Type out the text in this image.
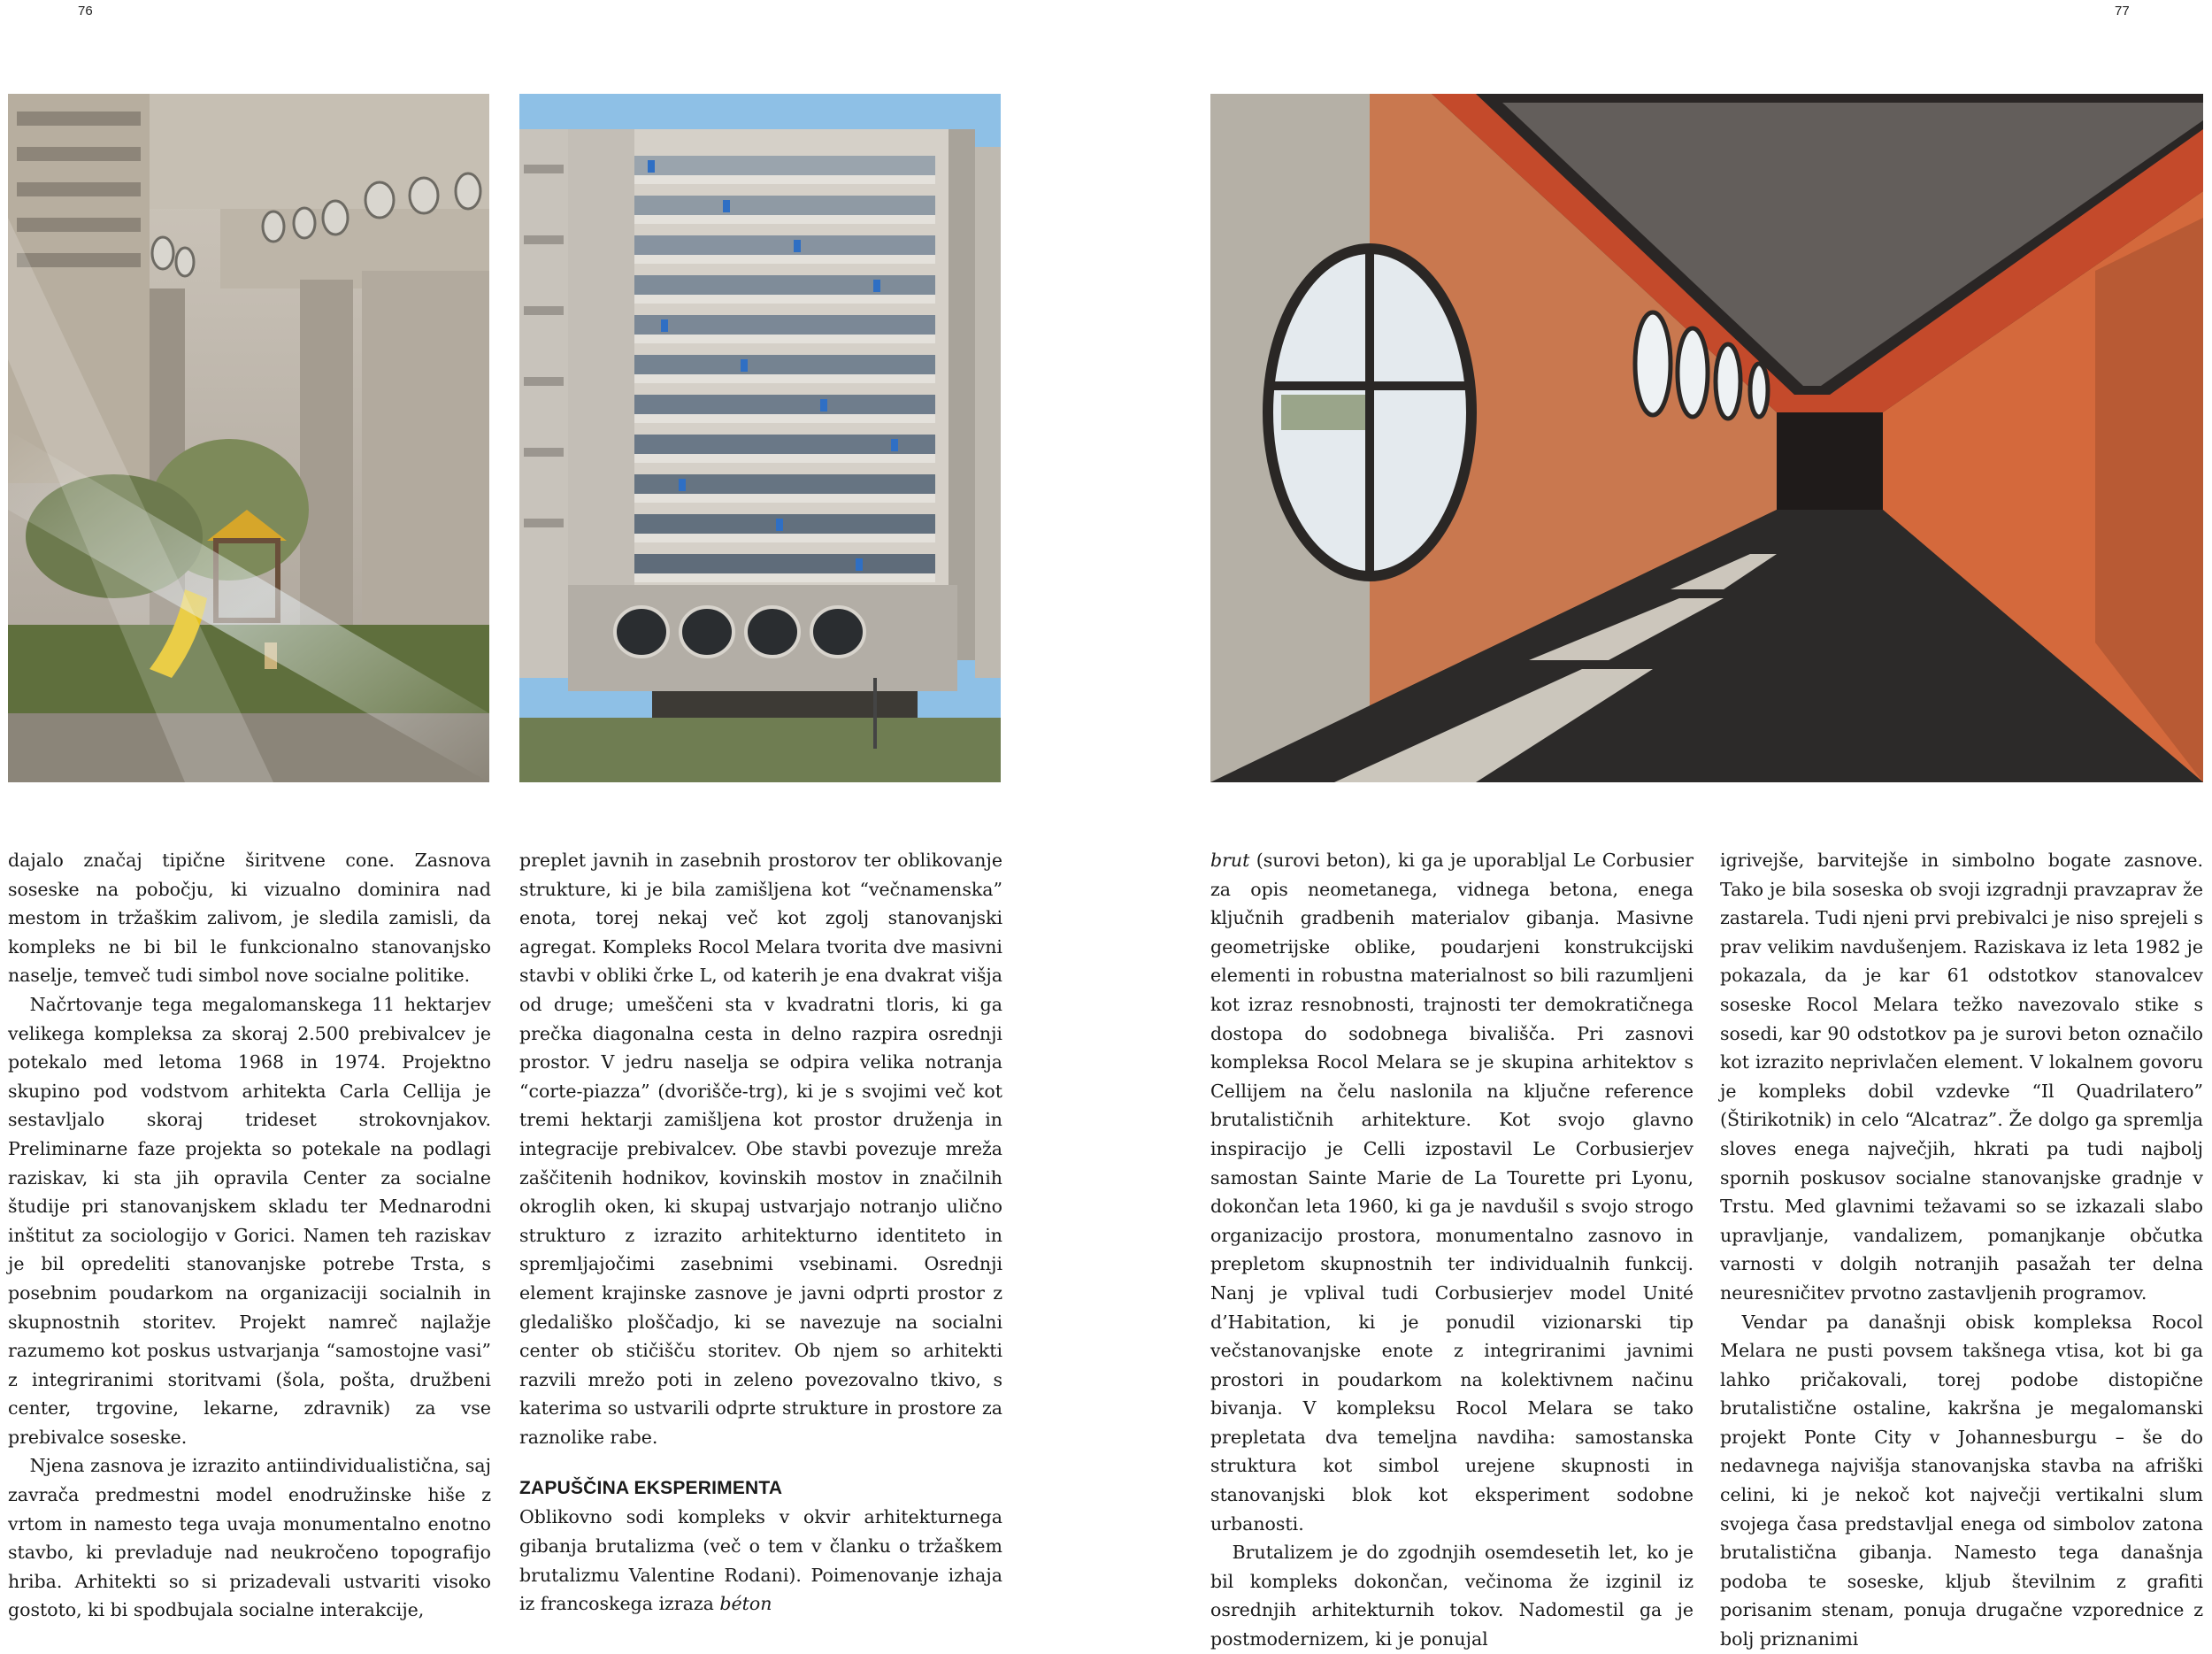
76	77

dajalo značaj tipične širitvene cone. Zasnova soseske na pobočju, ki vizualno dominira nad mestom in tržaškim zalivom, je sledila zamisli, da kompleks ne bi bil le funkcionalno stanovanjsko naselje, temveč tudi simbol nove socialne politike.

Načrtovanje tega megalomanskega 11 hektarjev velikega kompleksa za skoraj 2.500 prebivalcev je potekalo med letoma 1968 in 1974. Projektno skupino pod vodstvom arhitekta Carla Cellija je sestavljalo skoraj trideset strokovnjakov. Preliminarne faze projekta so potekale na podlagi raziskav, ki sta jih opravila Center za socialne študije pri stanovanjskem skladu ter Mednarodni inštitut za sociologijo v Gorici. Namen teh raziskav je bil opredeliti stanovanjske potrebe Trsta, s posebnim poudarkom na organizaciji socialnih in skupnostnih storitev. Projekt namreč najlažje razumemo kot poskus ustvarjanja “samostojne vasi” z integriranimi storitvami (šola, pošta, družbeni center, trgovine, lekarne, zdravnik) za vse prebivalce soseske.

Njena zasnova je izrazito antiindividualistična, saj zavrača predmestni model enodružinske hiše z vrtom in namesto tega uvaja monumentalno enotno stavbo, ki prevladuje nad neukročeno topografijo hriba. Arhitekti so si prizadevali ustvariti visoko gostoto, ki bi spodbujala socialne interakcije,

preplet javnih in zasebnih prostorov ter oblikovanje strukture, ki je bila zamišljena kot “večnamenska” enota, torej nekaj več kot zgolj stanovanjski agregat. Kompleks Rocol Melara tvorita dve masivni stavbi v obliki črke L, od katerih je ena dvakrat višja od druge; umeščeni sta v kvadratni tloris, ki ga prečka diagonalna cesta in delno razpira osrednji prostor. V jedru naselja se odpira velika notranja “corte-piazza” (dvorišče-trg), ki je s svojimi več kot tremi hektarji zamišljena kot prostor druženja in integracije prebivalcev. Obe stavbi povezuje mreža zaščitenih hodnikov, kovinskih mostov in značilnih okroglih oken, ki skupaj ustvarjajo notranjo ulično strukturo z izrazito arhitekturno identiteto in spremljajočimi zasebnimi vsebinami. Osrednji element krajinske zasnove je javni odprti prostor z gledališko ploščadjo, ki se navezuje na socialni center ob stičišču storitev. Ob njem so arhitekti razvili mrežo poti in zeleno povezovalno tkivo, s katerima so ustvarili odprte strukture in prostore za raznolike rabe.

ZAPUŠČINA EKSPERIMENTA

Oblikovno sodi kompleks v okvir arhitekturnega gibanja brutalizma (več o tem v članku o tržaškem brutalizmu Valentine Rodani). Poimenovanje izhaja iz francoskega izraza béton

brut (surovi beton), ki ga je uporabljal Le Corbusier za opis neometanega, vidnega betona, enega ključnih gradbenih materialov gibanja. Masivne geometrijske oblike, poudarjeni konstrukcijski elementi in robustna materialnost so bili razumljeni kot izraz resnobnosti, trajnosti ter demokratičnega dostopa do sodobnega bivališča. Pri zasnovi kompleksa Rocol Melara se je skupina arhitektov s Cellijem na čelu naslonila na ključne reference brutalističnih arhitekture. Kot svojo glavno inspiracijo je Celli izpostavil Le Corbusierjev samostan Sainte Marie de La Tourette pri Lyonu, dokončan leta 1960, ki ga je navdušil s svojo strogo organizacijo prostora, monumentalno zasnovo in prepletom skupnostnih ter individualnih funkcij. Nanj je vplival tudi Corbusierjev model Unité d’Habitation, ki je ponudil vizionarski tip večstanovanjske enote z integriranimi javnimi prostori in poudarkom na kolektivnem načinu bivanja. V kompleksu Rocol Melara se tako prepletata dva temeljna navdiha: samostanska struktura kot simbol urejene skupnosti in stanovanjski blok kot eksperiment sodobne urbanosti.

Brutalizem je do zgodnjih osemdesetih let, ko je bil kompleks dokončan, večinoma že izginil iz osrednjih arhitekturnih tokov. Nadomestil ga je postmodernizem, ki je ponujal

igrivejše, barvitejše in simbolno bogate zasnove. Tako je bila soseska ob svoji izgradnji pravzaprav že zastarela. Tudi njeni prvi prebivalci je niso sprejeli s prav velikim navdušenjem. Raziskava iz leta 1982 je pokazala, da je kar 61 odstotkov stanovalcev soseske Rocol Melara težko navezovalo stike s sosedi, kar 90 odstotkov pa je surovi beton označilo kot izrazito neprivlačen element. V lokalnem govoru je kompleks dobil vzdevke “Il Quadrilatero” (Štirikotnik) in celo “Alcatraz”. Že dolgo ga spremlja sloves enega največjih, hkrati pa tudi najbolj spornih poskusov socialne stanovanjske gradnje v Trstu. Med glavnimi težavami so se izkazali slabo upravljanje, vandalizem, pomanjkanje občutka varnosti v dolgih notranjih pasažah ter delna neuresničitev prvotno zastavljenih programov.

Vendar pa današnji obisk kompleksa Rocol Melara ne pusti povsem takšnega vtisa, kot bi ga lahko pričakovali, torej podobe distopične brutalistične ostaline, kakršna je megalomanski projekt Ponte City v Johannesburgu – še do nedavnega najvišja stanovanjska stavba na afriški celini, ki je nekoč kot največji vertikalni slum svojega časa predstavljal enega od simbolov zatona brutalistična gibanja. Namesto tega današnja podoba te soseske, kljub številnim z grafiti porisanim stenam, ponuja drugačne vzporednice z bolj priznanimi
